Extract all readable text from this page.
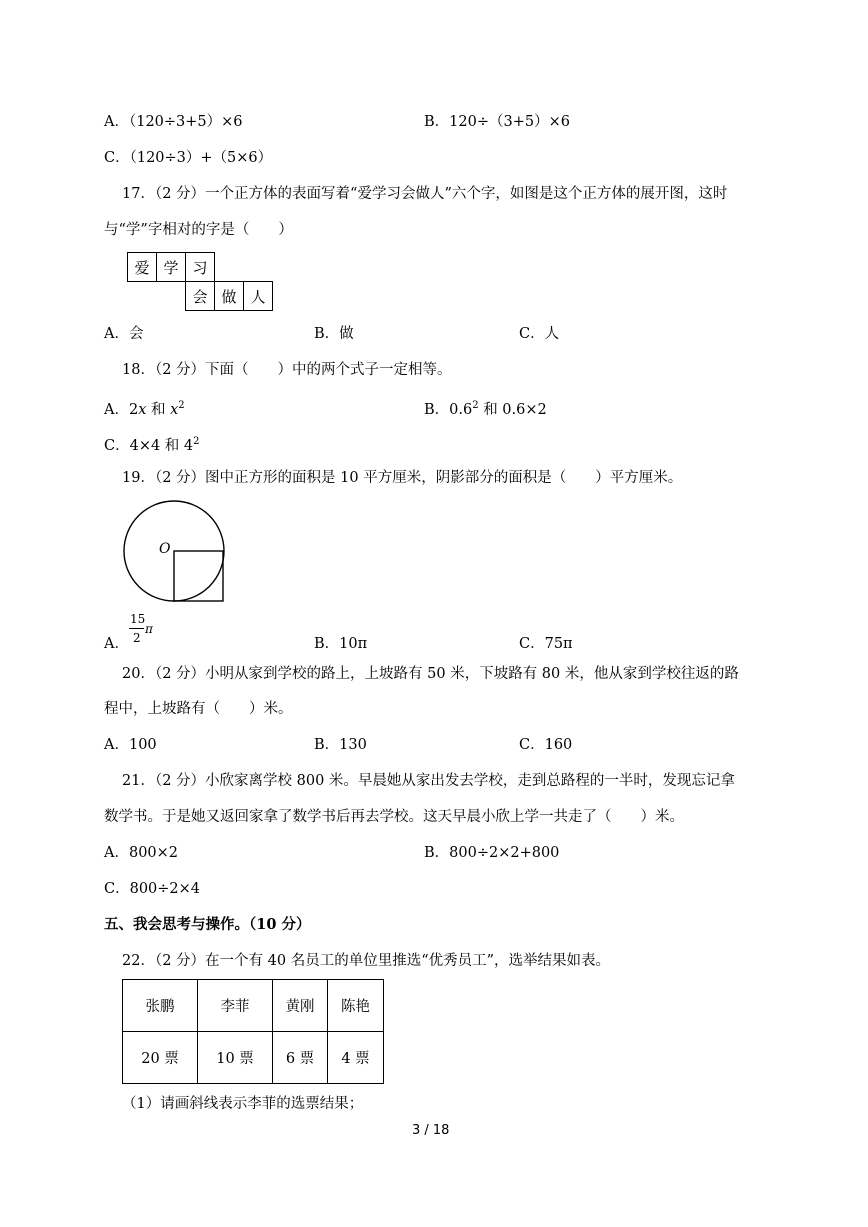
A．（120÷3+5）×6	B．120÷（3+5）×6
C．（120÷3）+（5×6）
17．（2 分）一个正方体的表面写着“爱学习会做人”六个字，如图是这个正方体的展开图，这时
与“学”字相对的字是（　　）
爱	学	习		
		会	做	人
A．会	B．做	C．人
18．（2 分）下面（　　）中的两个式子一定相等。
A．2x 和 $x^2$	B．$0.6^2$ 和 0.6×2
C．4×4 和 $4^2$
19．（2 分）图中正方形的面积是 10 平方厘米，阴影部分的面积是（　　）平方厘米。
O
A．
15
2
π
B．10π	C．75π
20．（2 分）小明从家到学校的路上，上坡路有 50 米，下坡路有 80 米，他从家到学校往返的路
程中，上坡路有（　　）米。
A．100	B．130	C．160
21．（2 分）小欣家离学校 800 米。早晨她从家出发去学校，走到总路程的一半时，发现忘记拿
数学书。于是她又返回家拿了数学书后再去学校。这天早晨小欣上学一共走了（　　）米。
A．800×2	B．800÷2×2+800
C．800÷2×4
五、我会思考与操作。（10 分）
22．（2 分）在一个有 40 名员工的单位里推选“优秀员工”，选举结果如表。
张鹏	李菲	黄刚	陈艳
20 票	10 票	6 票	4 票
（1）请画斜线表示李菲的选票结果；
3 / 18
